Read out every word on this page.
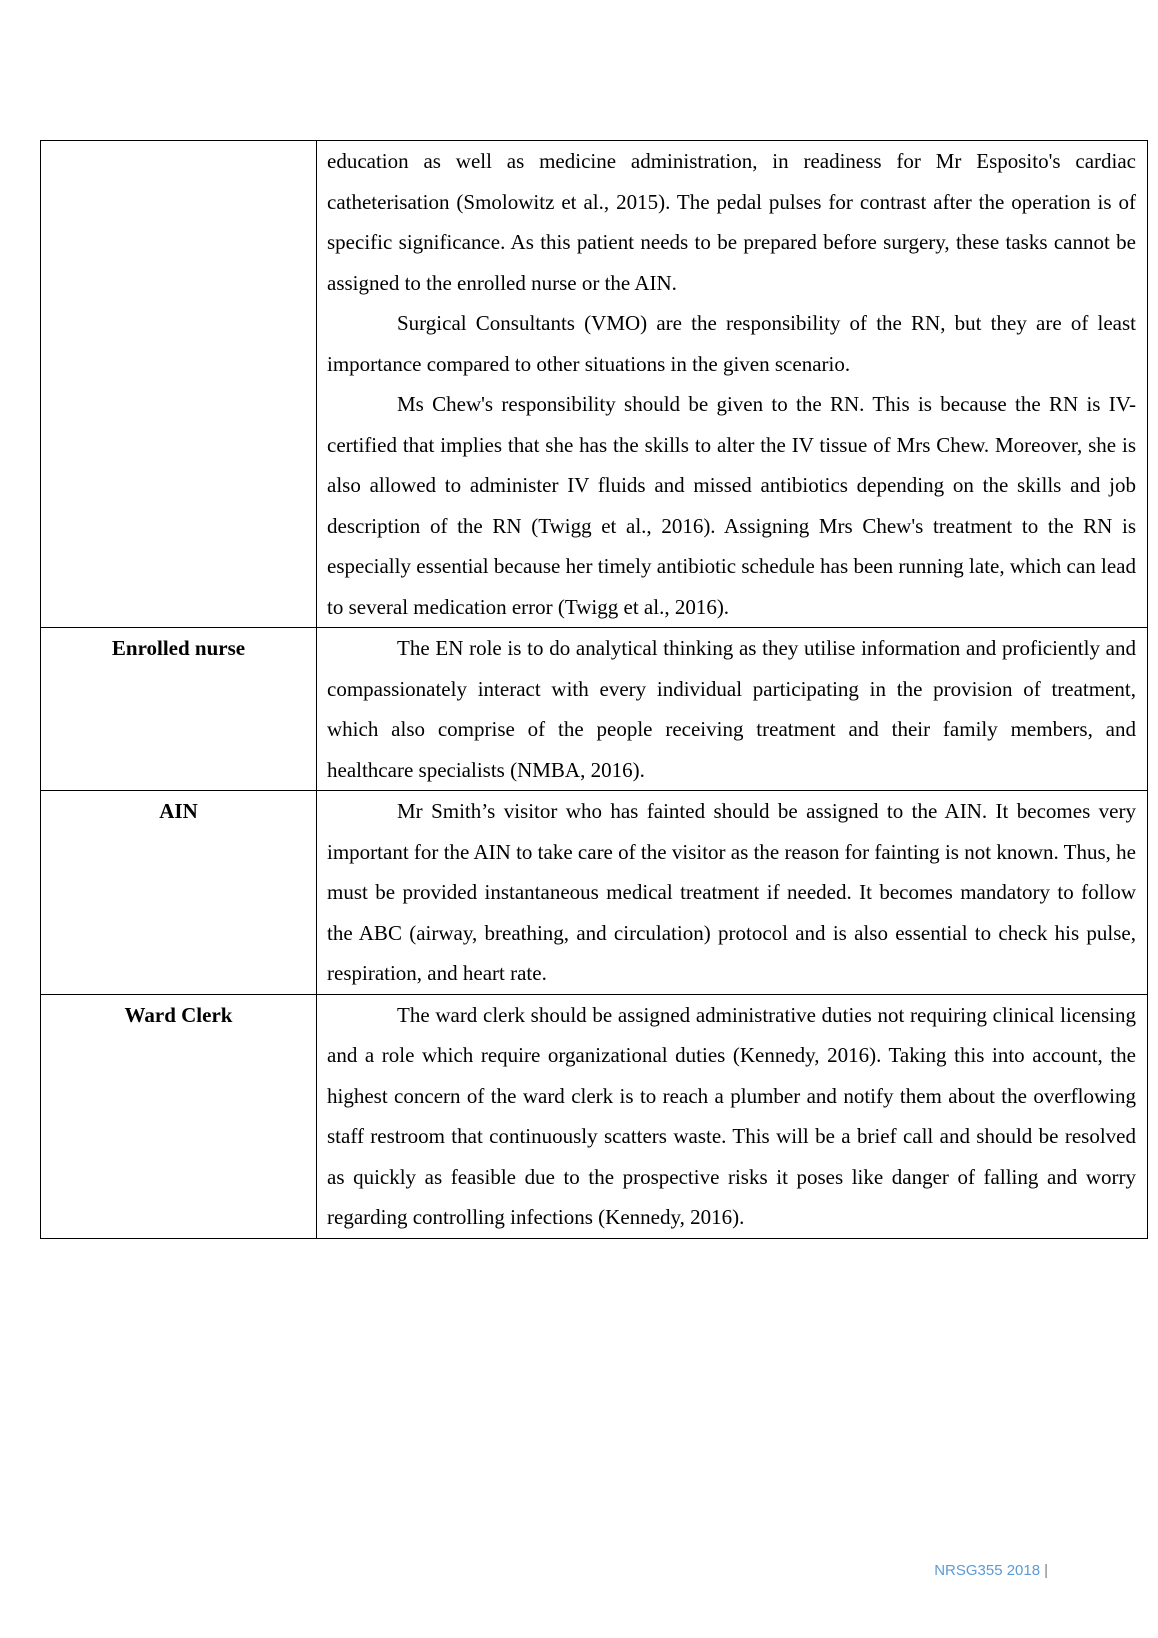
	education as well as medicine administration, in readiness for Mr Esposito's cardiac catheterisation (Smolowitz et al., 2015). The pedal pulses for contrast after the operation is of specific significance. As this patient needs to be prepared before surgery, these tasks cannot be assigned to the enrolled nurse or the AIN.

Surgical Consultants (VMO) are the responsibility of the RN, but they are of least importance compared to other situations in the given scenario.

Ms Chew's responsibility should be given to the RN. This is because the RN is IV-certified that implies that she has the skills to alter the IV tissue of Mrs Chew. Moreover, she is also allowed to administer IV fluids and missed antibiotics depending on the skills and job description of the RN (Twigg et al., 2016). Assigning Mrs Chew's treatment to the RN is especially essential because her timely antibiotic schedule has been running late, which can lead to several medication error (Twigg et al., 2016).

Enrolled nurse	The EN role is to do analytical thinking as they utilise information and proficiently and compassionately interact with every individual participating in the provision of treatment, which also comprise of the people receiving treatment and their family members, and healthcare specialists (NMBA, 2016).

AIN	Mr Smith’s visitor who has fainted should be assigned to the AIN. It becomes very important for the AIN to take care of the visitor as the reason for fainting is not known. Thus, he must be provided instantaneous medical treatment if needed. It becomes mandatory to follow the ABC (airway, breathing, and circulation) protocol and is also essential to check his pulse, respiration, and heart rate.

Ward Clerk	The ward clerk should be assigned administrative duties not requiring clinical licensing and a role which require organizational duties (Kennedy, 2016). Taking this into account, the highest concern of the ward clerk is to reach a plumber and notify them about the overflowing staff restroom that continuously scatters waste. This will be a brief call and should be resolved as quickly as feasible due to the prospective risks it poses like danger of falling and worry regarding controlling infections (Kennedy, 2016).

NRSG355 2018 |
